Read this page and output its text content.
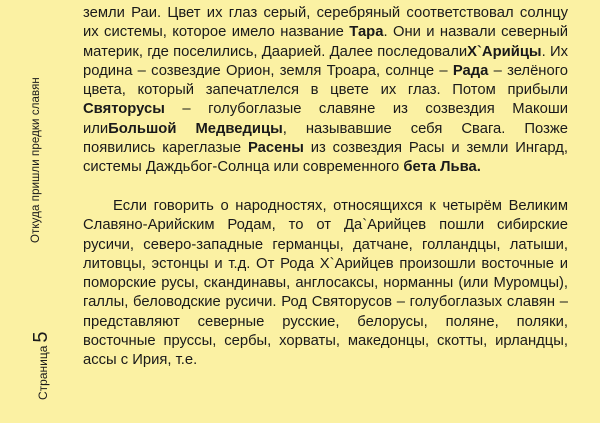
Откуда пришли предки славян
Страница
5

земли Раи. Цвет их глаз серый, серебряный соответствовал солнцу их системы, которое имело название Тара. Они и назвали северный материк, где поселились, Даарией. Далее последовалиХ`Арийцы. Их родина – созвездие Орион, земля Троара, солнце – Рада – зелёного цвета, который запечатлелся в цвете их глаз. Потом прибыли Святорусы – голубоглазые славяне из созвездия Макоши илиБольшой Медведицы, называвшие себя Свага. Позже появились кареглазые Расены из созвездия Расы и земли Ингард, системы Даждьбог-Солнца или современного бета Льва.

Если говорить о народностях, относящихся к четырём Великим Славяно-Арийским Родам, то от Да`Арийцев пошли сибирские русичи, северо-западные германцы, датчане, голландцы, латыши, литовцы, эстонцы и т.д. От Рода Х`Арийцев произошли восточные и поморские русы, скандинавы, англосаксы, норманны (или Муромцы), галлы, беловодские русичи. Род Святорусов – голубоглазых славян – представляют северные русские, белорусы, поляне, поляки, восточные пруссы, сербы, хорваты, македонцы, скотты, ирландцы, ассы с Ирия, т.е.
